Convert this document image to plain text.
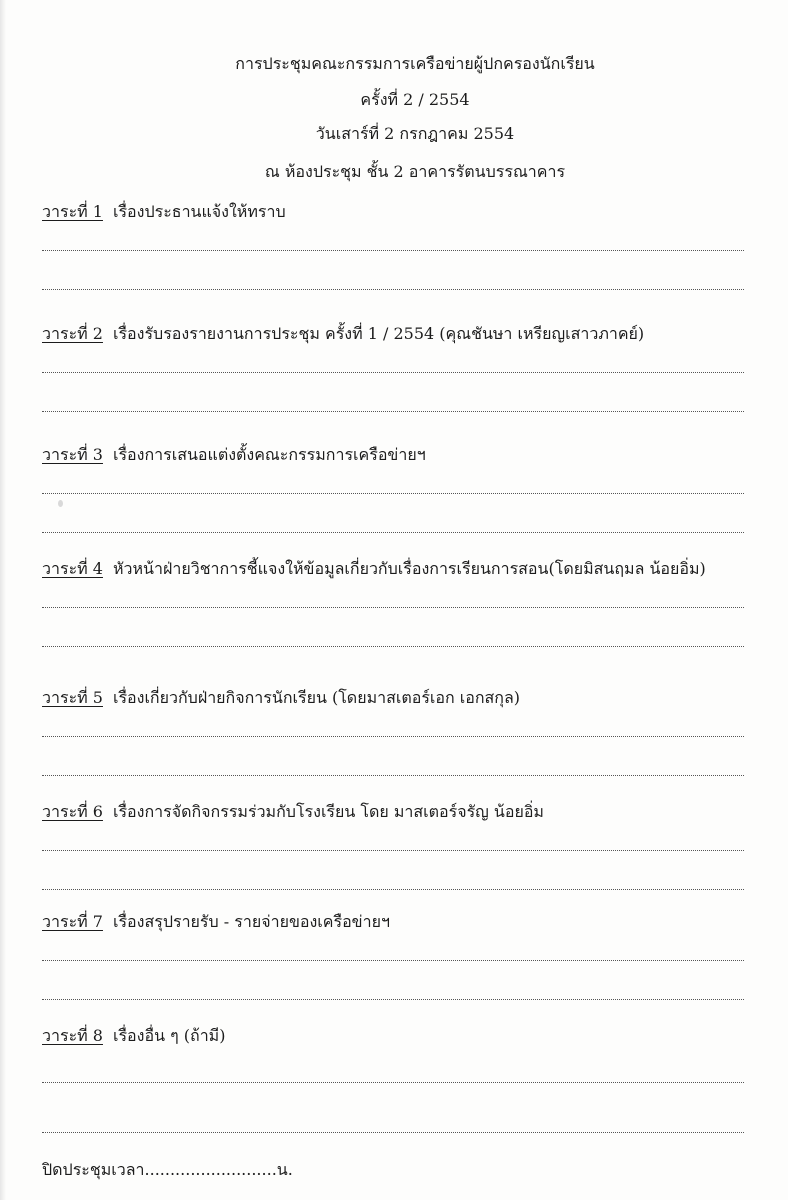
การประชุมคณะกรรมการเครือข่ายผู้ปกครองนักเรียน
ครั้งที่ 2 / 2554
วันเสาร์ที่ 2 กรกฎาคม 2554
ณ ห้องประชุม ชั้น 2 อาคารรัตนบรรณาคาร
วาระที่ 1 เรื่องประธานแจ้งให้ทราบ
วาระที่ 2 เรื่องรับรองรายงานการประชุม ครั้งที่ 1 / 2554 (คุณชันษา เหรียญเสาวภาคย์)
วาระที่ 3 เรื่องการเสนอแต่งตั้งคณะกรรมการเครือข่ายฯ
วาระที่ 4 หัวหน้าฝ่ายวิชาการชี้แจงให้ข้อมูลเกี่ยวกับเรื่องการเรียนการสอน(โดยมิสนฤมล น้อยอิ่ม)
วาระที่ 5 เรื่องเกี่ยวกับฝ่ายกิจการนักเรียน (โดยมาสเตอร์เอก เอกสกุล)
วาระที่ 6 เรื่องการจัดกิจกรรมร่วมกับโรงเรียน โดย มาสเตอร์จรัญ น้อยอิ่ม
วาระที่ 7 เรื่องสรุปรายรับ - รายจ่ายของเครือข่ายฯ
วาระที่ 8 เรื่องอื่น ๆ (ถ้ามี)
ปิดประชุมเวลา..........................น.
